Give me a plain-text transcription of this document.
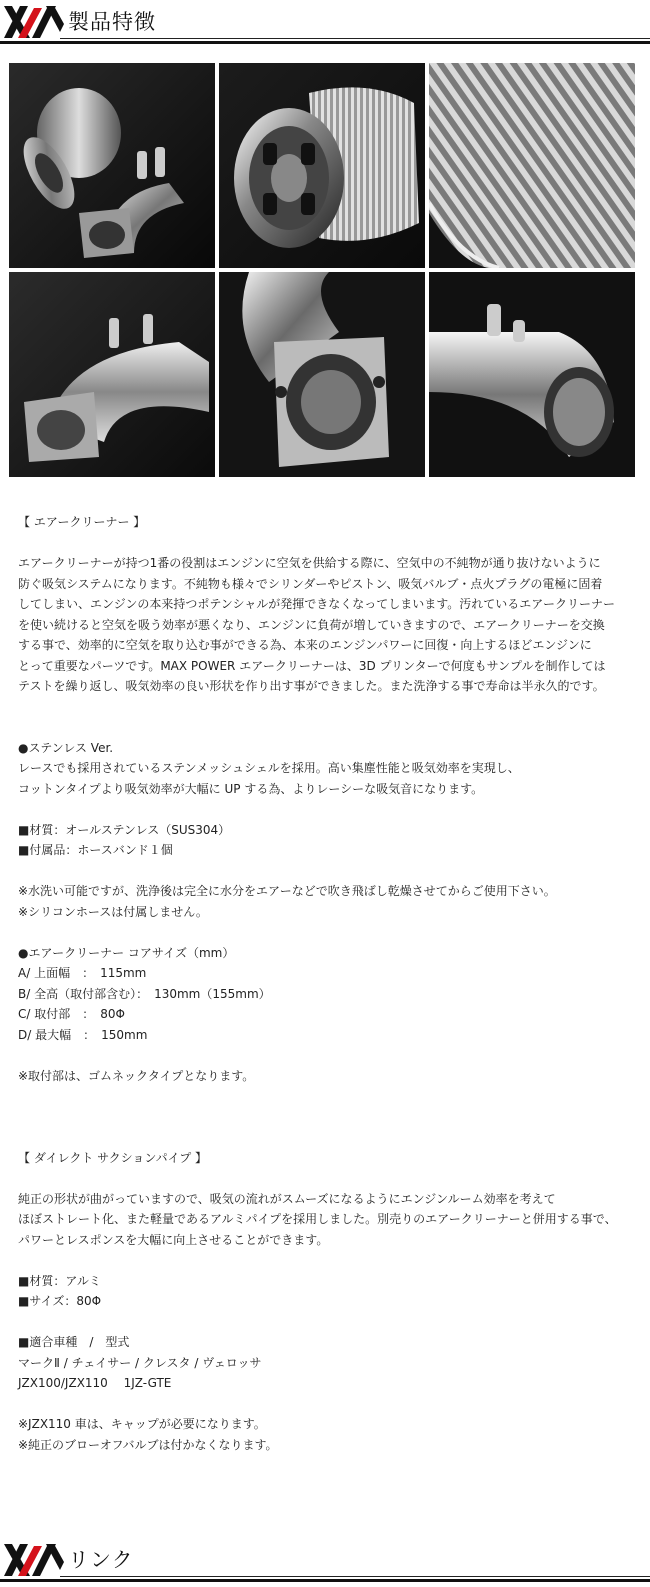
製品特徴

【 エアークリーナー 】

エアークリーナーが持つ1番の役割はエンジンに空気を供給する際に、空気中の不純物が通り抜けないように

防ぐ吸気システムになります。不純物も様々でシリンダーやピストン、吸気バルブ・点火プラグの電極に固着

してしまい、エンジンの本来持つポテンシャルが発揮できなくなってしまいます。汚れているエアークリーナー

を使い続けると空気を吸う効率が悪くなり、エンジンに負荷が増していきますので、エアークリーナーを交換

する事で、効率的に空気を取り込む事ができる為、本来のエンジンパワーに回復・向上するほどエンジンに

とって重要なパーツです。MAX POWER エアークリーナーは、3D プリンターで何度もサンプルを制作しては

テストを繰り返し、吸気効率の良い形状を作り出す事ができました。また洗浄する事で寿命は半永久的です。

●ステンレス Ver.

レースでも採用されているステンメッシュシェルを採用。高い集塵性能と吸気効率を実現し、

コットンタイプより吸気効率が大幅に UP する為、よりレーシーな吸気音になります。

■材質：オールステンレス（SUS304）

■付属品：ホースバンド１個

※水洗い可能ですが、洗浄後は完全に水分をエアーなどで吹き飛ばし乾燥させてからご使用下さい。

※シリコンホースは付属しません。

●エアークリーナー コアサイズ（mm）

A/ 上面幅　：　115mm

B/ 全高（取付部含む）：　130mm（155mm）

C/ 取付部　：　80Φ

D/ 最大幅　：　150mm

※取付部は、ゴムネックタイプとなります。

【 ダイレクト サクションパイプ 】

純正の形状が曲がっていますので、吸気の流れがスムーズになるようにエンジンルーム効率を考えて

ほぼストレート化、また軽量であるアルミパイプを採用しました。別売りのエアークリーナーと併用する事で、

パワーとレスポンスを大幅に向上させることができます。

■材質：アルミ

■サイズ：80Φ

■適合車種　/　型式

マークⅡ / チェイサー / クレスタ / ヴェロッサ

JZX100/JZX110　 1JZ-GTE

※JZX110 車は、キャップが必要になります。

※純正のブローオフバルブは付かなくなります。

リンク
